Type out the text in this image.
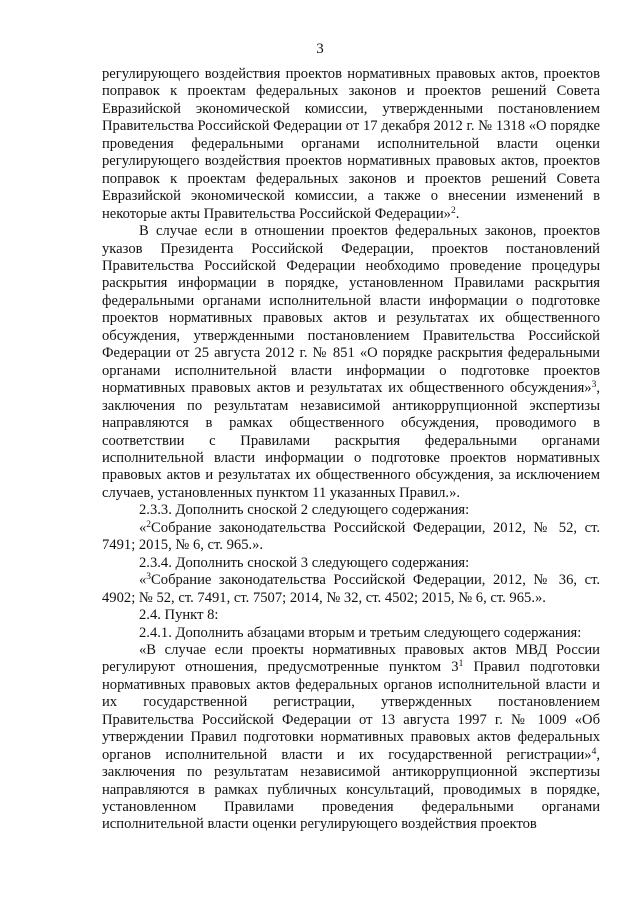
3

регулирующего воздействия проектов нормативных правовых актов, проектов поправок к проектам федеральных законов и проектов решений Совета Евразийской экономической комиссии, утвержденными постановлением Правительства Российской Федерации от 17 декабря 2012 г. № 1318 «О порядке проведения федеральными органами исполнительной власти оценки регулирующего воздействия проектов нормативных правовых актов, проектов поправок к проектам федеральных законов и проектов решений Совета Евразийской экономической комиссии, а также о внесении изменений в некоторые акты Правительства Российской Федерации»$^2$.

В случае если в отношении проектов федеральных законов, проектов указов Президента Российской Федерации, проектов постановлений Правительства Российской Федерации необходимо проведение процедуры раскрытия информации в порядке, установленном Правилами раскрытия федеральными органами исполнительной власти информации о подготовке проектов нормативных правовых актов и результатах их общественного обсуждения, утвержденными постановлением Правительства Российской Федерации от 25 августа 2012 г. № 851 «О порядке раскрытия федеральными органами исполнительной власти информации о подготовке проектов нормативных правовых актов и результатах их общественного обсуждения»$^3$, заключения по результатам независимой антикоррупционной экспертизы направляются в рамках общественного обсуждения, проводимого в соответствии с Правилами раскрытия федеральными органами исполнительной власти информации о подготовке проектов нормативных правовых актов и результатах их общественного обсуждения, за исключением случаев, установленных пунктом 11 указанных Правил.».

2.3.3. Дополнить сноской 2 следующего содержания:

«$^2$Собрание законодательства Российской Федерации, 2012, № 52, ст. 7491; 2015, № 6, ст. 965.».

2.3.4. Дополнить сноской 3 следующего содержания:

«$^3$Собрание законодательства Российской Федерации, 2012, № 36, ст. 4902; № 52, ст. 7491, ст. 7507; 2014, № 32, ст. 4502; 2015, № 6, ст. 965.».

2.4. Пункт 8:

2.4.1. Дополнить абзацами вторым и третьим следующего содержания:

«В случае если проекты нормативных правовых актов МВД России регулируют отношения, предусмотренные пунктом $3^1$ Правил подготовки нормативных правовых актов федеральных органов исполнительной власти и их государственной регистрации, утвержденных постановлением Правительства Российской Федерации от 13 августа 1997 г. № 1009 «Об утверждении Правил подготовки нормативных правовых актов федеральных органов исполнительной власти и их государственной регистрации»$^4$, заключения по результатам независимой антикоррупционной экспертизы направляются в рамках публичных консультаций, проводимых в порядке, установленном Правилами проведения федеральными органами исполнительной власти оценки регулирующего воздействия проектов
